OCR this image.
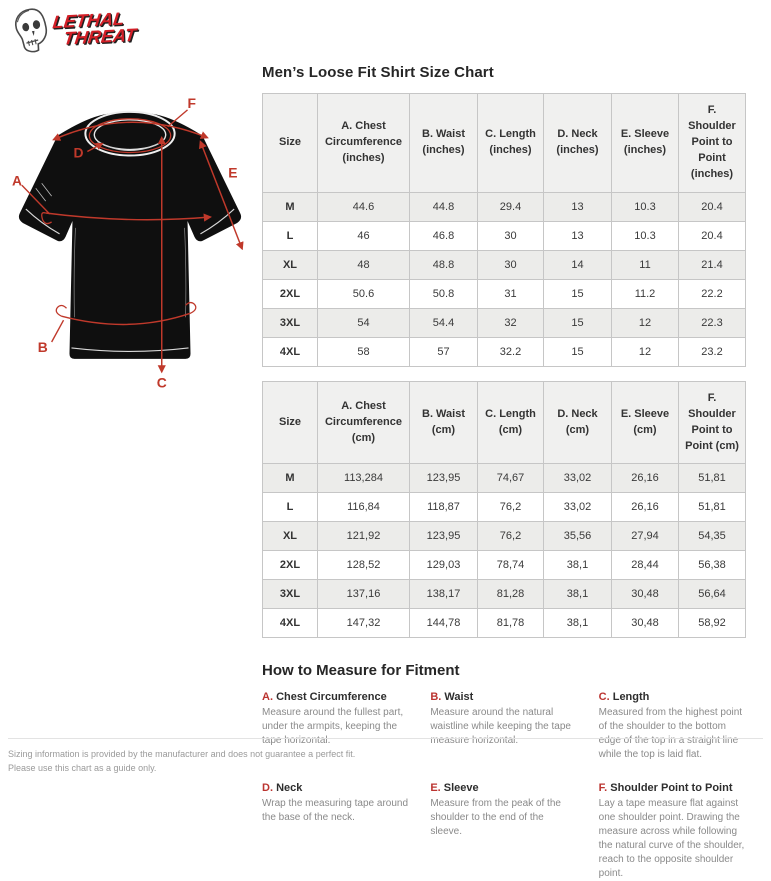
LETHAL
THREAT
C
F
D
A	E
B
Men’s Loose Fit Shirt Size Chart
Size	A. Chest Circumference (inches)	B. Waist (inches)	C. Length (inches)	D. Neck (inches)	E. Sleeve (inches)	F. Shoulder Point to Point (inches)
M	44.6	44.8	29.4	13	10.3	20.4
L	46	46.8	30	13	10.3	20.4
XL	48	48.8	30	14	11	21.4
2XL	50.6	50.8	31	15	11.2	22.2
3XL	54	54.4	32	15	12	22.3
4XL	58	57	32.2	15	12	23.2
Size	A. Chest Circumference (cm)	B. Waist (cm)	C. Length (cm)	D. Neck (cm)	E. Sleeve (cm)	F. Shoulder Point to Point (cm)
M	113,284	123,95	74,67	33,02	26,16	51,81
L	116,84	118,87	76,2	33,02	26,16	51,81
XL	121,92	123,95	76,2	35,56	27,94	54,35
2XL	128,52	129,03	78,74	38,1	28,44	56,38
3XL	137,16	138,17	81,28	38,1	30,48	56,64
4XL	147,32	144,78	81,78	38,1	30,48	58,92
How to Measure for Fitment
A. Chest Circumference
Measure around the fullest part, under the armpits, keeping the tape horizontal.
B. Waist
Measure around the natural waistline while keeping the tape measure horizontal.
C. Length
Measured from the highest point of the shoulder to the bottom edge of the top in a straight line while the top is laid flat.
D. Neck
Wrap the measuring tape around the base of the neck.
E. Sleeve
Measure from the peak of the shoulder to the end of the sleeve.
F. Shoulder Point to Point
Lay a tape measure flat against one shoulder point. Drawing the measure across while following the natural curve of the shoulder, reach to the opposite shoulder point.
Sizing information is provided by the manufacturer and does not guarantee a perfect fit.
Please use this chart as a guide only.
